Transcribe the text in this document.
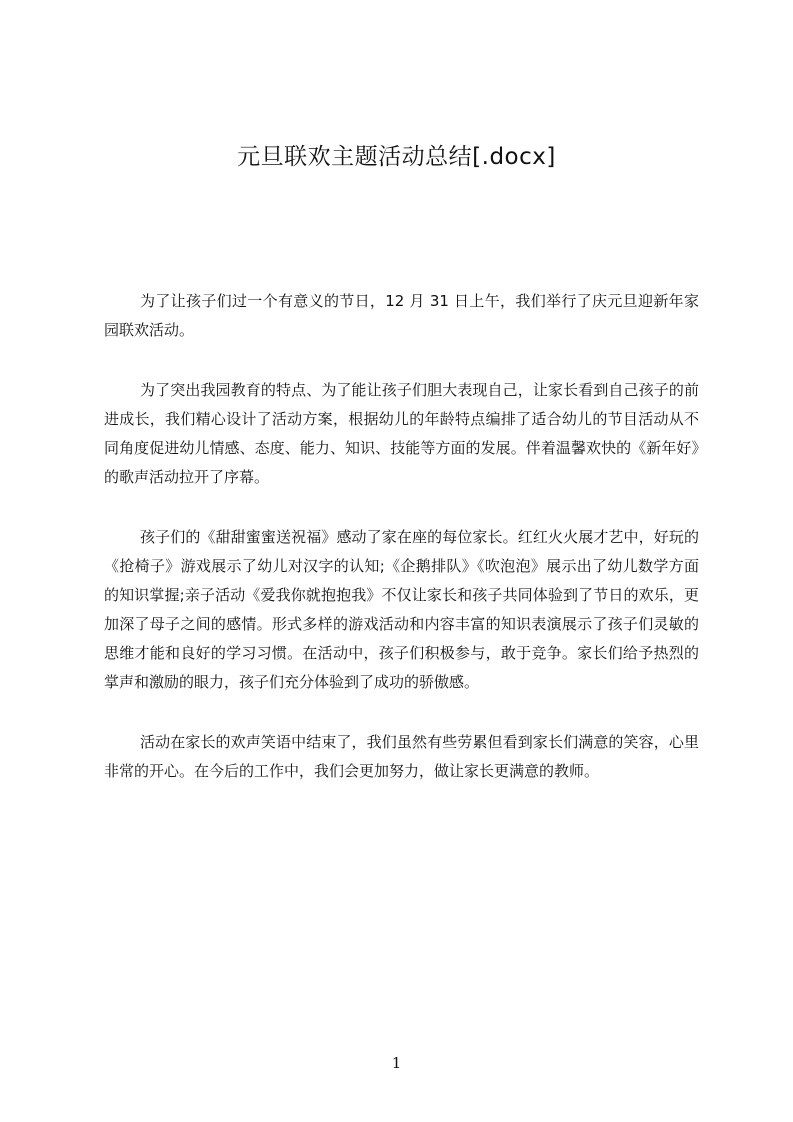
元旦联欢主题活动总结[.docx]

为了让孩子们过一个有意义的节日，12 月 31 日上午，我们举行了庆元旦迎新年家园联欢活动。

为了突出我园教育的特点、为了能让孩子们胆大表现自己，让家长看到自己孩子的前进成长，我们精心设计了活动方案，根据幼儿的年龄特点编排了适合幼儿的节目活动从不同角度促进幼儿情感、态度、能力、知识、技能等方面的发展。伴着温馨欢快的《新年好》的歌声活动拉开了序幕。

孩子们的《甜甜蜜蜜送祝福》感动了家在座的每位家长。红红火火展才艺中，好玩的《抢椅子》游戏展示了幼儿对汉字的认知;《企鹅排队》《吹泡泡》展示出了幼儿数学方面的知识掌握;亲子活动《爱我你就抱抱我》不仅让家长和孩子共同体验到了节日的欢乐，更加深了母子之间的感情。形式多样的游戏活动和内容丰富的知识表演展示了孩子们灵敏的思维才能和良好的学习习惯。在活动中，孩子们积极参与，敢于竞争。家长们给予热烈的掌声和激励的眼力，孩子们充分体验到了成功的骄傲感。

活动在家长的欢声笑语中结束了，我们虽然有些劳累但看到家长们满意的笑容，心里非常的开心。在今后的工作中，我们会更加努力，做让家长更满意的教师。

1
